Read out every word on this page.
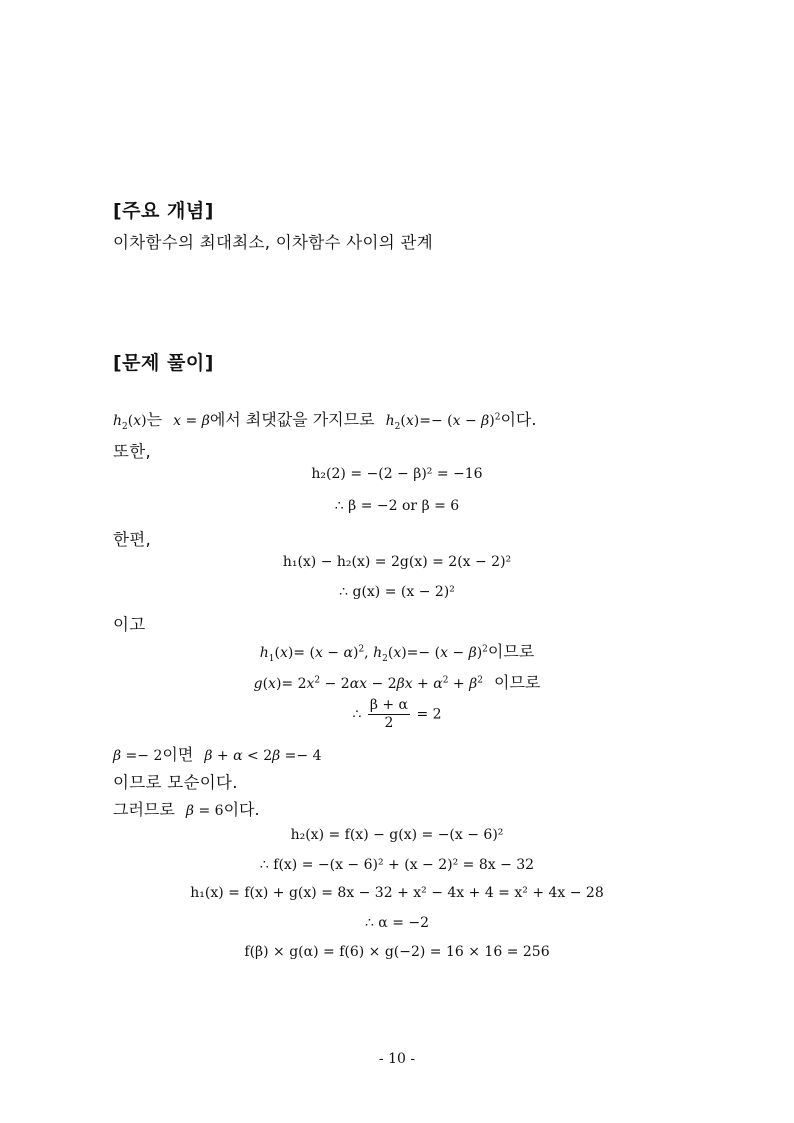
[주요 개념]
이차함수의 최대최소, 이차함수 사이의 관계
[문제 풀이]
$h_2(x)$는 x = β에서 최댓값을 가지므로 $h_2(x)=- (x - \beta)^2$이다.
또한,
h₂(2) = −(2 − β)² = −16
∴ β = −2 or β = 6
한편,
h₁(x) − h₂(x) = 2g(x) = 2(x − 2)²
∴ g(x) = (x − 2)²
이고
$h_1(x)= (x - \alpha)^2$, $h_2(x)=- (x - \beta)^2$이므로
$g(x)= 2x^2 - 2\alpha x - 2\beta x + \alpha^2 + \beta^2$ 이므로
∴ $\frac{\beta + \alpha}{2} = 2$
β =− 2이면 β + α < 2β =− 4
이므로 모순이다.
그러므로 β = 6이다.
h₂(x) = f(x) − g(x) = −(x − 6)²
∴ f(x) = −(x − 6)² + (x − 2)² = 8x − 32
h₁(x) = f(x) + g(x) = 8x − 32 + x² − 4x + 4 = x² + 4x − 28
∴ α = −2
f(β) × g(α) = f(6) × g(−2) = 16 × 16 = 256
- 10 -
